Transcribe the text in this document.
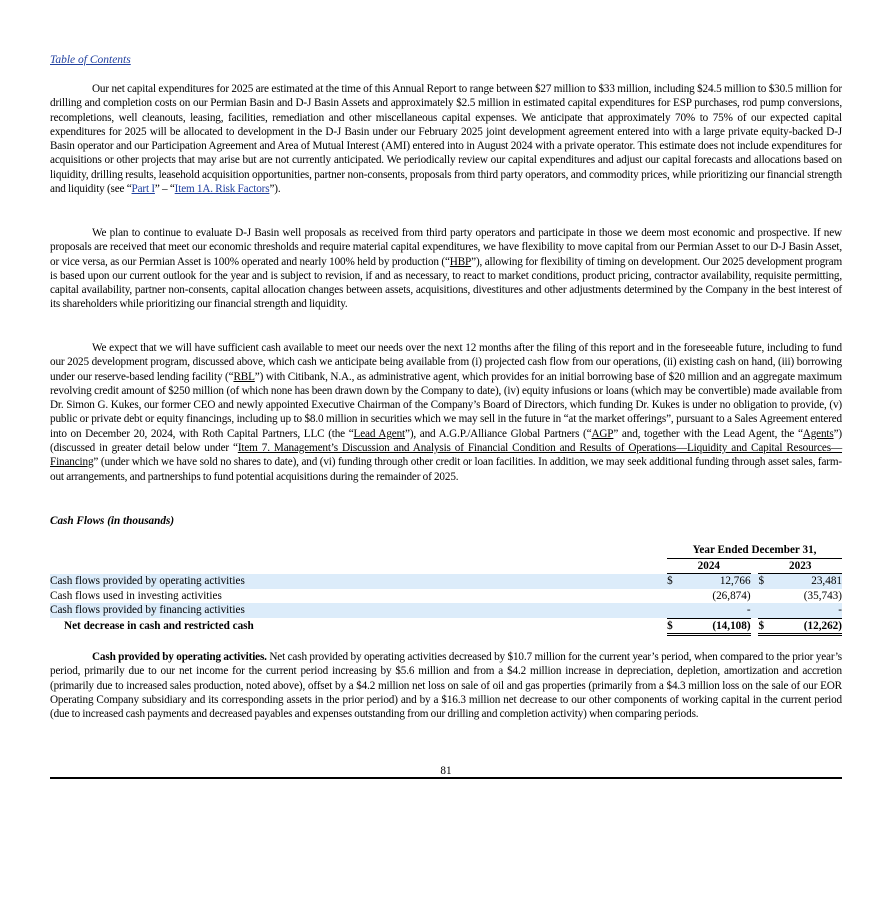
Table of Contents
Our net capital expenditures for 2025 are estimated at the time of this Annual Report to range between $27 million to $33 million, including $24.5 million to $30.5 million for drilling and completion costs on our Permian Basin and D-J Basin Assets and approximately $2.5 million in estimated capital expenditures for ESP purchases, rod pump conversions, recompletions, well cleanouts, leasing, facilities, remediation and other miscellaneous capital expenses. We anticipate that approximately 70% to 75% of our expected capital expenditures for 2025 will be allocated to development in the D-J Basin under our February 2025 joint development agreement entered into with a large private equity-backed D-J Basin operator and our Participation Agreement and Area of Mutual Interest (AMI) entered into in August 2024 with a private operator. This estimate does not include expenditures for acquisitions or other projects that may arise but are not currently anticipated. We periodically review our capital expenditures and adjust our capital forecasts and allocations based on liquidity, drilling results, leasehold acquisition opportunities, partner non-consents, proposals from third party operators, and commodity prices, while prioritizing our financial strength and liquidity (see “Part I” – “Item 1A. Risk Factors”).
We plan to continue to evaluate D-J Basin well proposals as received from third party operators and participate in those we deem most economic and prospective. If new proposals are received that meet our economic thresholds and require material capital expenditures, we have flexibility to move capital from our Permian Asset to our D-J Basin Asset, or vice versa, as our Permian Asset is 100% operated and nearly 100% held by production (“HBP”), allowing for flexibility of timing on development. Our 2025 development program is based upon our current outlook for the year and is subject to revision, if and as necessary, to react to market conditions, product pricing, contractor availability, requisite permitting, capital availability, partner non-consents, capital allocation changes between assets, acquisitions, divestitures and other adjustments determined by the Company in the best interest of its shareholders while prioritizing our financial strength and liquidity.
We expect that we will have sufficient cash available to meet our needs over the next 12 months after the filing of this report and in the foreseeable future, including to fund our 2025 development program, discussed above, which cash we anticipate being available from (i) projected cash flow from our operations, (ii) existing cash on hand, (iii) borrowing under our reserve-based lending facility (“RBL”) with Citibank, N.A., as administrative agent, which provides for an initial borrowing base of $20 million and an aggregate maximum revolving credit amount of $250 million (of which none has been drawn down by the Company to date), (iv) equity infusions or loans (which may be convertible) made available from Dr. Simon G. Kukes, our former CEO and newly appointed Executive Chairman of the Company’s Board of Directors, which funding Dr. Kukes is under no obligation to provide, (v) public or private debt or equity financings, including up to $8.0 million in securities which we may sell in the future in “at the market offerings”, pursuant to a Sales Agreement entered into on December 20, 2024, with Roth Capital Partners, LLC (the “Lead Agent”), and A.G.P./Alliance Global Partners (“AGP” and, together with the Lead Agent, the “Agents”)(discussed in greater detail below under “Item 7. Management’s Discussion and Analysis of Financial Condition and Results of Operations—Liquidity and Capital Resources—Financing” (under which we have sold no shares to date), and (vi) funding through other credit or loan facilities. In addition, we may seek additional funding through asset sales, farm-out arrangements, and partnerships to fund potential acquisitions during the remainder of 2025.
Cash Flows (in thousands)
	Year Ended December 31,				
	2024			2023	
Cash flows provided by operating activities	$	12,766		$	23,481
Cash flows used in investing activities		(26,874)			(35,743)
Cash flows provided by financing activities		-			-
Net decrease in cash and restricted cash	$	(14,108)		$	(12,262)
Cash provided by operating activities. Net cash provided by operating activities decreased by $10.7 million for the current year’s period, when compared to the prior year’s period, primarily due to our net income for the current period increasing by $5.6 million and from a $4.2 million increase in depreciation, depletion, amortization and accretion (primarily due to increased sales production, noted above), offset by a $4.2 million net loss on sale of oil and gas properties (primarily from a $4.3 million loss on the sale of our EOR Operating Company subsidiary and its corresponding assets in the prior period) and by a $16.3 million net decrease to our other components of working capital in the current period (due to increased cash payments and decreased payables and expenses outstanding from our drilling and completion activity) when comparing periods.
81
